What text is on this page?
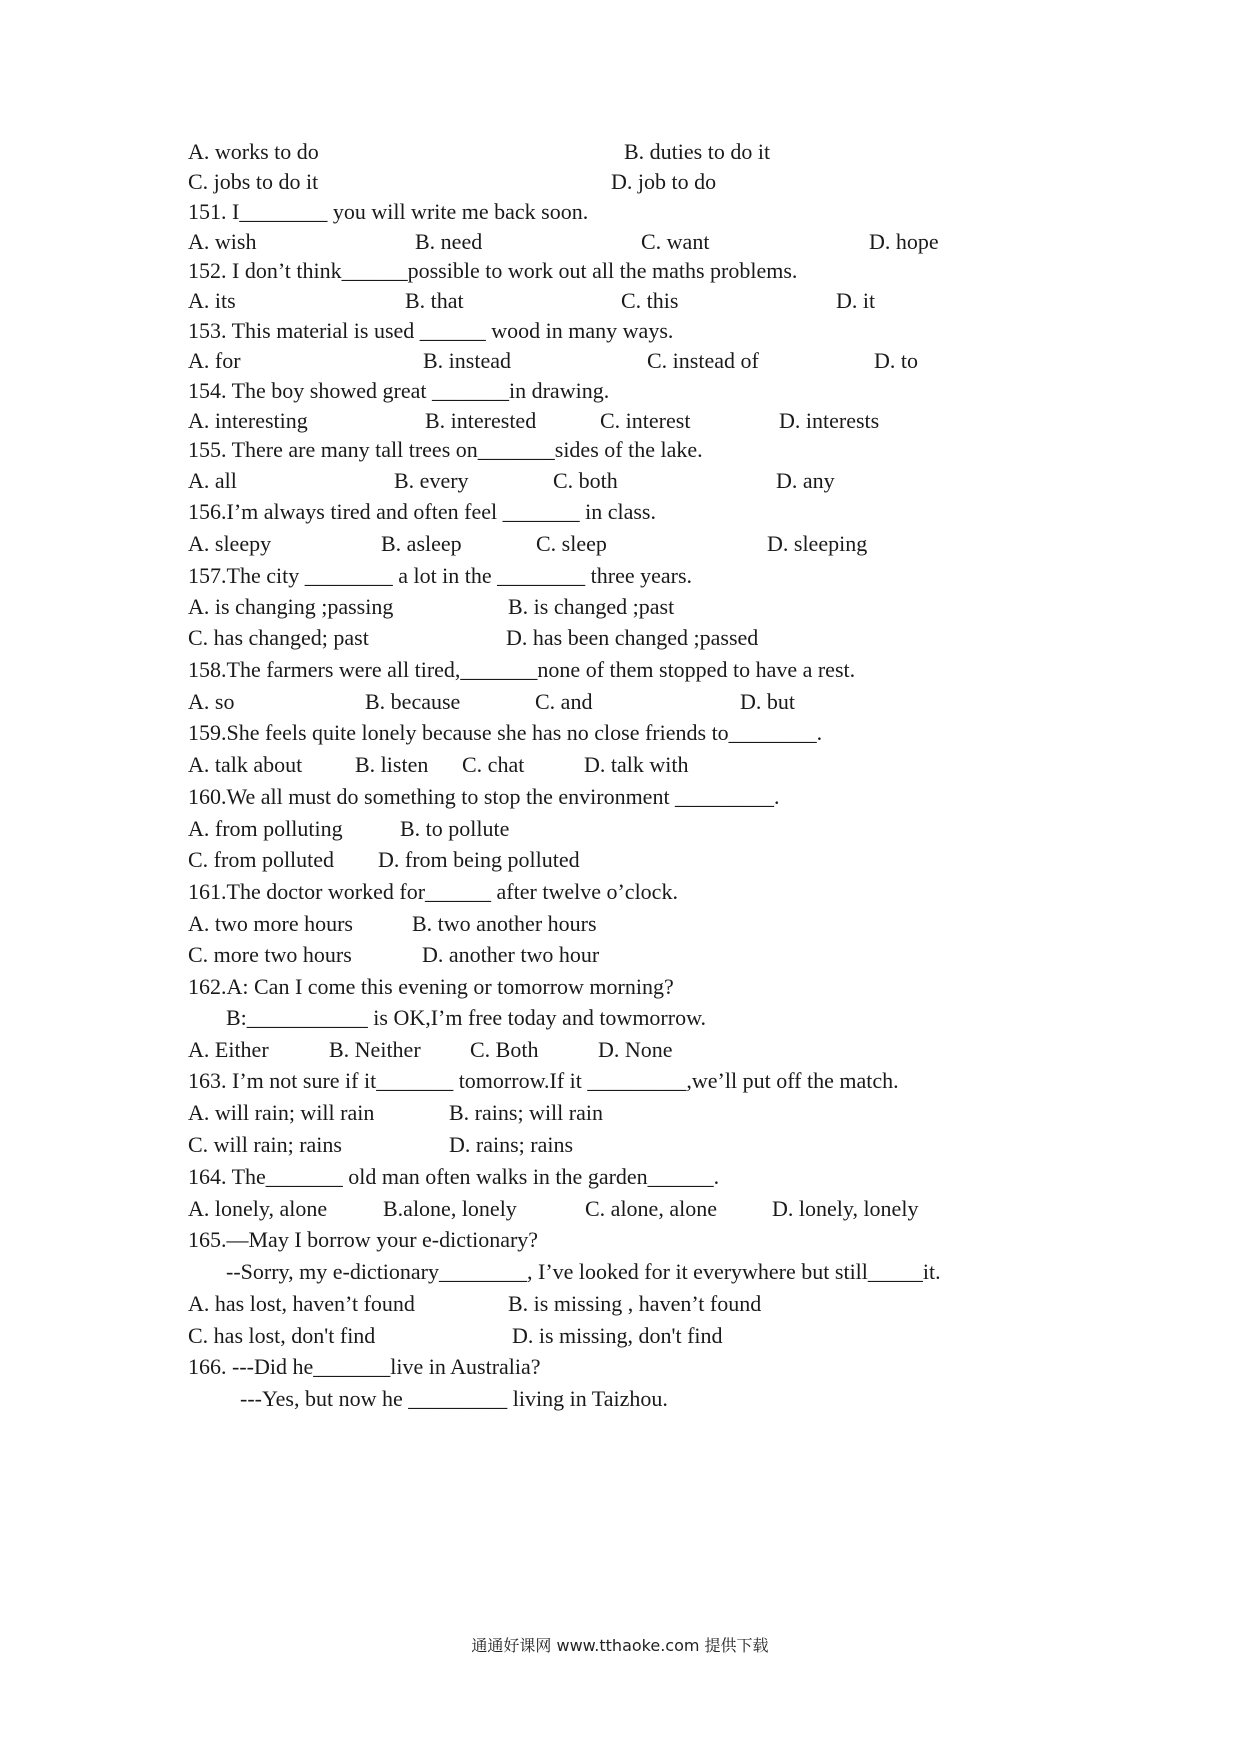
A. works to do	B. duties to do it
C. jobs to do it	D. job to do
151. I________ you will write me back soon.
A. wish	B. need	C. want	D. hope
152. I don’t think______possible to work out all the maths problems.
A. its	B. that	C. this	D. it
153. This material is used ______ wood in many ways.
A. for	B. instead	C. instead of	D. to
154. The boy showed great _______in drawing.
A. interesting	B. interested	C. interest	D. interests
155. There are many tall trees on_______sides of the lake.
A. all	B. every	C. both	D. any
156.I’m always tired and often feel _______ in class.
A. sleepy	B. asleep	C. sleep	D. sleeping
157.The city ________ a lot in the ________ three years.
A. is changing ;passing	B. is changed ;past
C. has changed; past	D. has been changed ;passed
158.The farmers were all tired,_______none of them stopped to have a rest.
A. so	B. because	C. and	D. but
159.She feels quite lonely because she has no close friends to________.
A. talk about B. listen C. chat	D. talk with
160.We all must do something to stop the environment _________.
A. from polluting	B. to pollute
C. from polluted D. from being polluted
161.The doctor worked for______ after twelve o’clock.
A. two more hours	B. two another hours
C. more two hours	D. another two hour
162.A: Can I come this evening or tomorrow morning?
B:___________ is OK,I’m free today and towmorrow.
A. Either	B. Neither C. Both	D. None
163. I’m not sure if it_______ tomorrow.If it _________,we’ll put off the match.
A. will rain; will rain	B. rains; will rain
C. will rain; rains	D. rains; rains
164. The_______ old man often walks in the garden______.
A. lonely, alone	B.alone, lonely	C. alone, alone	D. lonely, lonely
165.—May I borrow your e-dictionary?
--Sorry, my e-dictionary________, I’ve looked for it everywhere but still_____it.
A. has lost, haven’t found	B. is missing , haven’t found
C. has lost, don't find	D. is missing, don't find
166. ---Did he_______live in Australia?
---Yes, but now he _________ living in Taizhou.
通通好课网 www.tthaoke.com 提供下载
